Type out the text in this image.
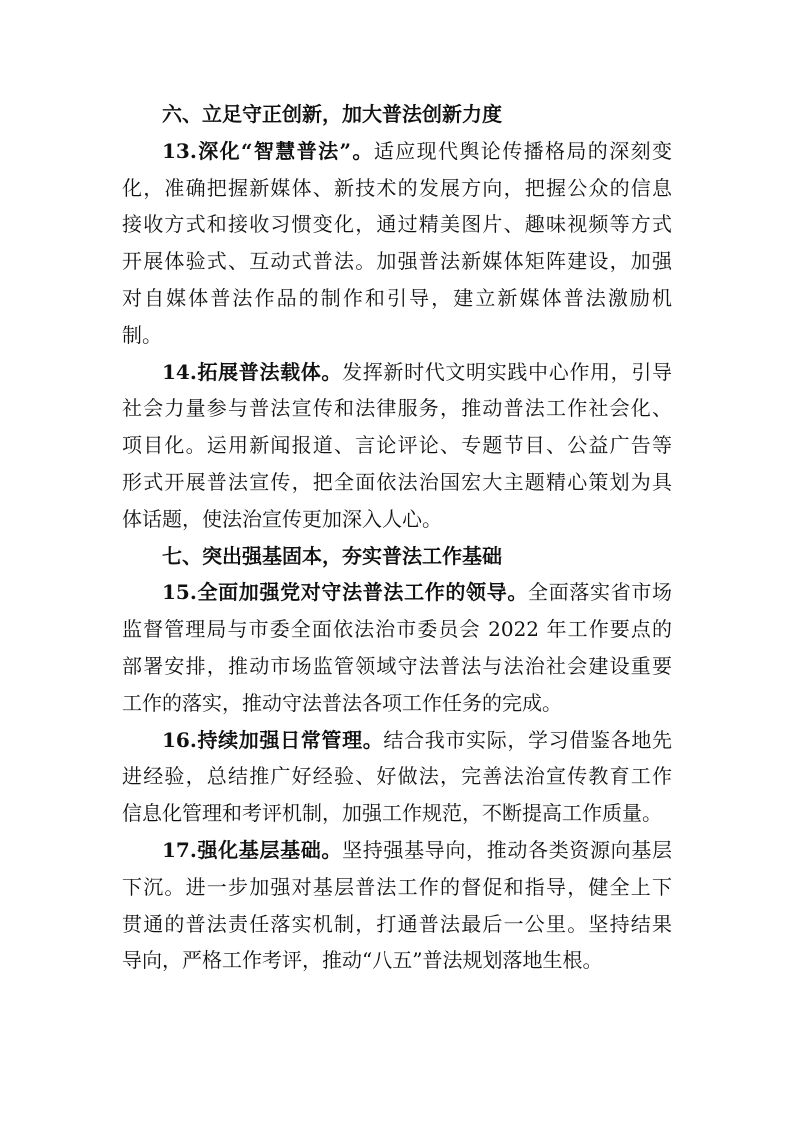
六、立足守正创新，加大普法创新力度
13.深化“智慧普法”。适应现代舆论传播格局的深刻变
化，准确把握新媒体、新技术的发展方向，把握公众的信息
接收方式和接收习惯变化，通过精美图片、趣味视频等方式
开展体验式、互动式普法。加强普法新媒体矩阵建设，加强
对自媒体普法作品的制作和引导，建立新媒体普法激励机
制。
14.拓展普法载体。发挥新时代文明实践中心作用，引导
社会力量参与普法宣传和法律服务，推动普法工作社会化、
项目化。运用新闻报道、言论评论、专题节目、公益广告等
形式开展普法宣传，把全面依法治国宏大主题精心策划为具
体话题，使法治宣传更加深入人心。
七、突出强基固本，夯实普法工作基础
15.全面加强党对守法普法工作的领导。全面落实省市场
监督管理局与市委全面依法治市委员会 2022 年工作要点的
部署安排，推动市场监管领域守法普法与法治社会建设重要
工作的落实，推动守法普法各项工作任务的完成。
16.持续加强日常管理。结合我市实际，学习借鉴各地先
进经验，总结推广好经验、好做法，完善法治宣传教育工作
信息化管理和考评机制，加强工作规范，不断提高工作质量。
17.强化基层基础。坚持强基导向，推动各类资源向基层
下沉。进一步加强对基层普法工作的督促和指导，健全上下
贯通的普法责任落实机制，打通普法最后一公里。坚持结果
导向，严格工作考评，推动“八五”普法规划落地生根。
